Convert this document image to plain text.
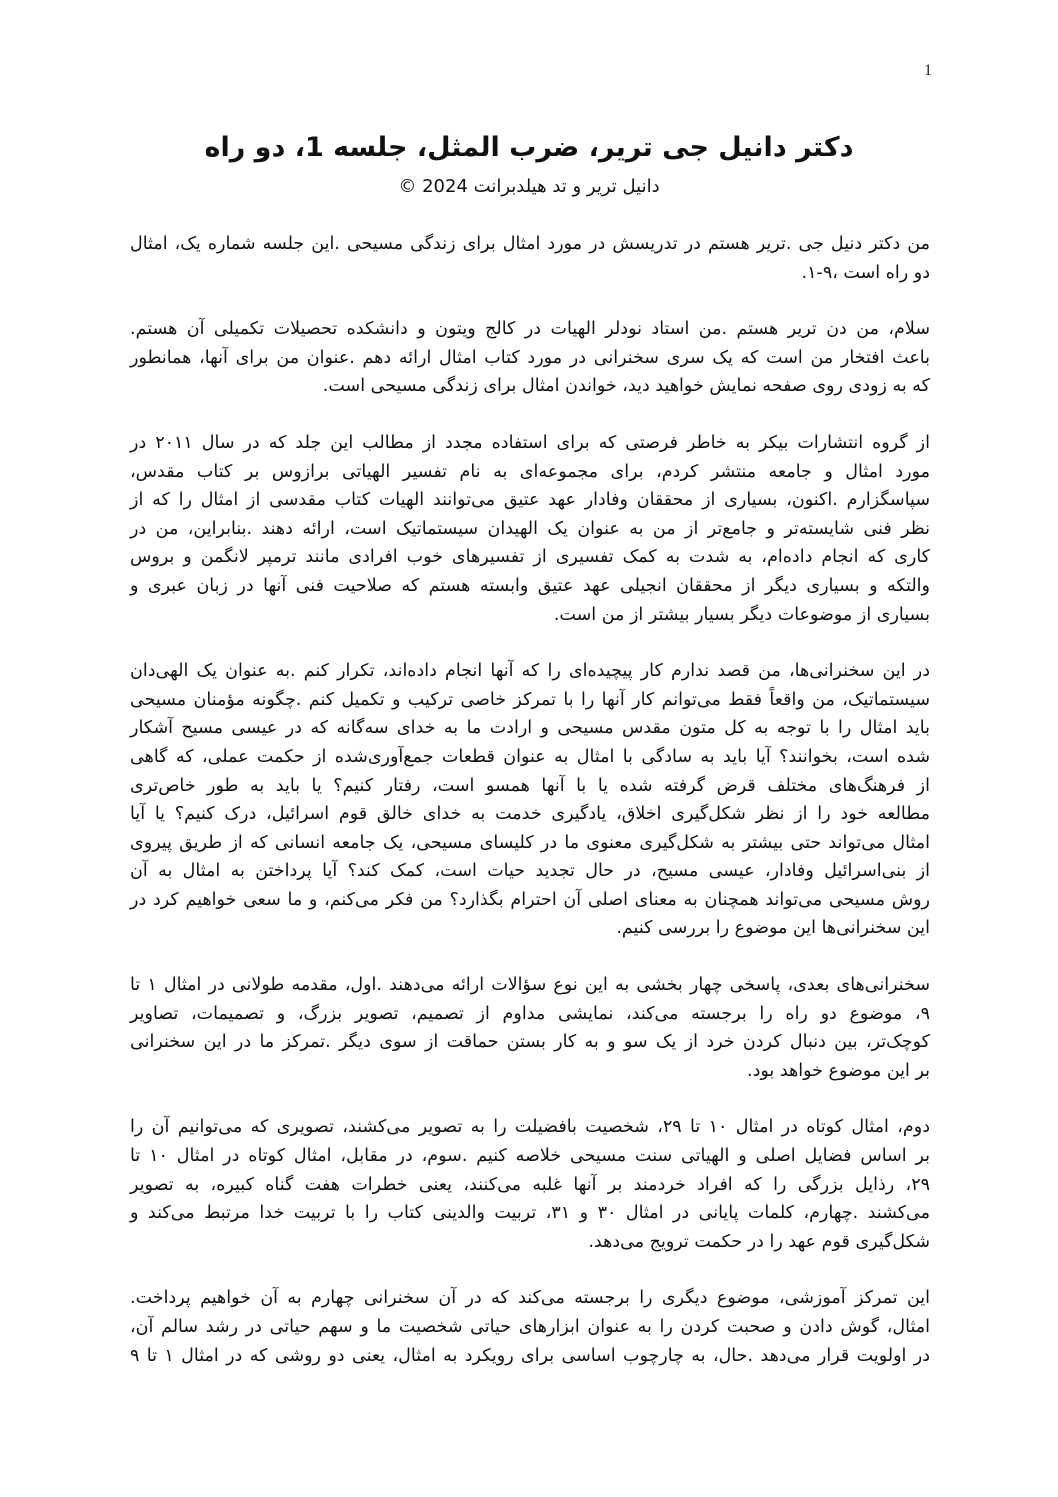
1
دکتر دانیل جی تریر، ضرب المثل، جلسه 1، دو راه
دانیل تریر و تد هیلدبرانت 2024 ©

من دکتر دنیل جی .تریر هستم در تدریسش در مورد امثال برای زندگی مسیحی .این جلسه شماره یک، امثال
دو راه است ،۹-۱.

سلام، من دن تریر هستم .من استاد نودلر الهیات در کالج ویتون و دانشکده تحصیلات تکمیلی آن هستم.
باعث افتخار من است که یک سری سخنرانی در مورد کتاب امثال ارائه دهم .عنوان من برای آنها، همانطور
که به زودی روی صفحه نمایش خواهید دید، خواندن امثال برای زندگی مسیحی است.

از گروه انتشارات بیکر به خاطر فرصتی که برای استفاده مجدد از مطالب این جلد که در سال ۲۰۱۱ در
مورد امثال و جامعه منتشر کردم، برای مجموعه‌ای به نام تفسیر الهیاتی برازوس بر کتاب مقدس،
سپاسگزارم .اکنون، بسیاری از محققان وفادار عهد عتیق می‌توانند الهیات کتاب مقدسی از امثال را که از
نظر فنی شایسته‌تر و جامع‌تر از من به عنوان یک الهیدان سیستماتیک است، ارائه دهند .بنابراین، من در
کاری که انجام داده‌ام، به شدت به کمک تفسیری از تفسیرهای خوب افرادی مانند ترمپر لانگمن و بروس
والتکه و بسیاری دیگر از محققان انجیلی عهد عتیق وابسته هستم که صلاحیت فنی آنها در زبان عبری و
بسیاری از موضوعات دیگر بسیار بیشتر از من است.

در این سخنرانی‌ها، من قصد ندارم کار پیچیده‌ای را که آنها انجام داده‌اند، تکرار کنم .به عنوان یک الهی‌دان
سیستماتیک، من واقعاً فقط می‌توانم کار آنها را با تمرکز خاصی ترکیب و تکمیل کنم .چگونه مؤمنان مسیحی
باید امثال را با توجه به کل متون مقدس مسیحی و ارادت ما به خدای سه‌گانه که در عیسی مسیح آشکار
شده است، بخوانند؟ آیا باید به سادگی با امثال به عنوان قطعات جمع‌آوری‌شده از حکمت عملی، که گاهی
از فرهنگ‌های مختلف قرض گرفته شده یا با آنها همسو است، رفتار کنیم؟ یا باید به طور خاص‌تری
مطالعه خود را از نظر شکل‌گیری اخلاق، یادگیری خدمت به خدای خالق قوم اسرائیل، درک کنیم؟ یا آیا
امثال می‌تواند حتی بیشتر به شکل‌گیری معنوی ما در کلیسای مسیحی، یک جامعه انسانی که از طریق پیروی
از بنی‌اسرائیل وفادار، عیسی مسیح، در حال تجدید حیات است، کمک کند؟ آیا پرداختن به امثال به آن
روش مسیحی می‌تواند همچنان به معنای اصلی آن احترام بگذارد؟ من فکر می‌کنم، و ما سعی خواهیم کرد در
این سخنرانی‌ها این موضوع را بررسی کنیم.

سخنرانی‌های بعدی، پاسخی چهار بخشی به این نوع سؤالات ارائه می‌دهند .اول، مقدمه طولانی در امثال ۱ تا
۹، موضوع دو راه را برجسته می‌کند، نمایشی مداوم از تصمیم، تصویر بزرگ، و تصمیمات، تصاویر
کوچک‌تر، بین دنبال کردن خرد از یک سو و به کار بستن حماقت از سوی دیگر .تمرکز ما در این سخنرانی
بر این موضوع خواهد بود.

دوم، امثال کوتاه در امثال ۱۰ تا ۲۹، شخصیت بافضیلت را به تصویر می‌کشند، تصویری که می‌توانیم آن را
بر اساس فضایل اصلی و الهیاتی سنت مسیحی خلاصه کنیم .سوم، در مقابل، امثال کوتاه در امثال ۱۰ تا
۲۹، رذایل بزرگی را که افراد خردمند بر آنها غلبه می‌کنند، یعنی خطرات هفت گناه کبیره، به تصویر
می‌کشند .چهارم، کلمات پایانی در امثال ۳۰ و ۳۱، تربیت والدینی کتاب را با تربیت خدا مرتبط می‌کند و
شکل‌گیری قوم عهد را در حکمت ترویج می‌دهد.

این تمرکز آموزشی، موضوع دیگری را برجسته می‌کند که در آن سخنرانی چهارم به آن خواهیم پرداخت.
امثال، گوش دادن و صحبت کردن را به عنوان ابزارهای حیاتی شخصیت ما و سهم حیاتی در رشد سالم آن،
در اولویت قرار می‌دهد .حال، به چارچوب اساسی برای رویکرد به امثال، یعنی دو روشی که در امثال ۱ تا ۹
